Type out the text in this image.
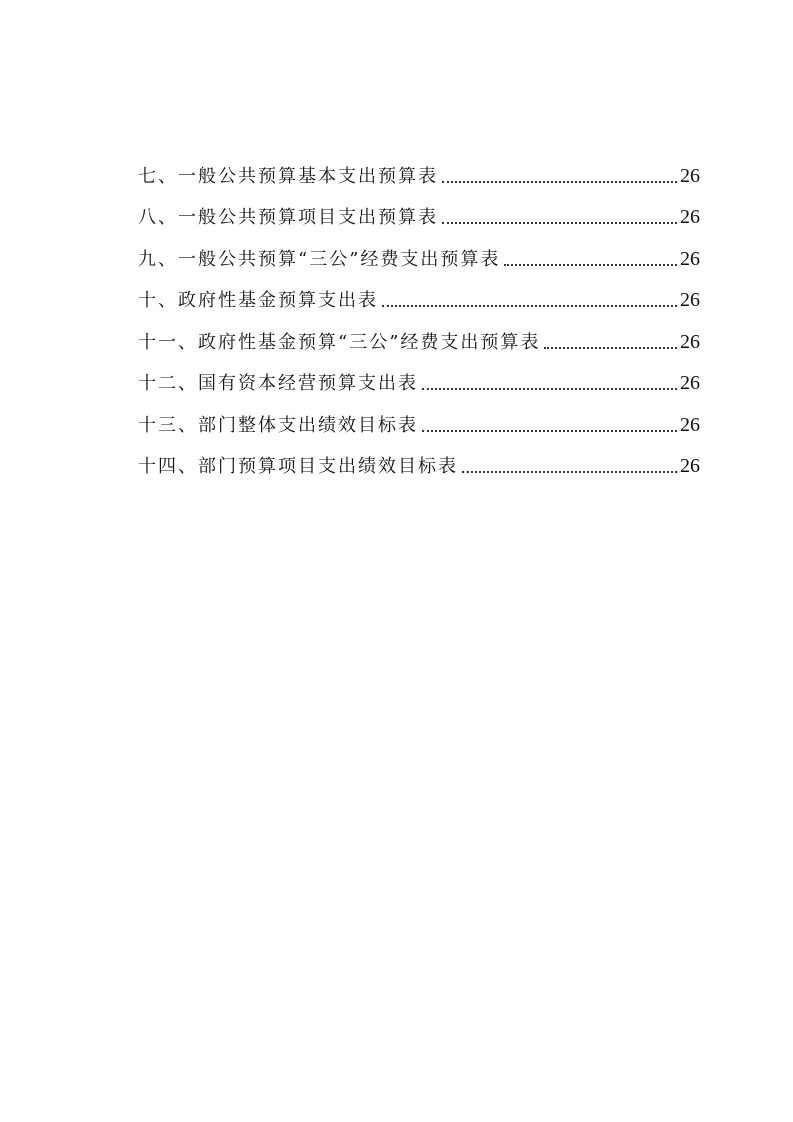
七、一般公共预算基本支出预算表	26
八、一般公共预算项目支出预算表	26
九、一般公共预算“三公”经费支出预算表	26
十、政府性基金预算支出表	26
十一、政府性基金预算“三公”经费支出预算表	26
十二、国有资本经营预算支出表	26
十三、部门整体支出绩效目标表	26
十四、部门预算项目支出绩效目标表	26
